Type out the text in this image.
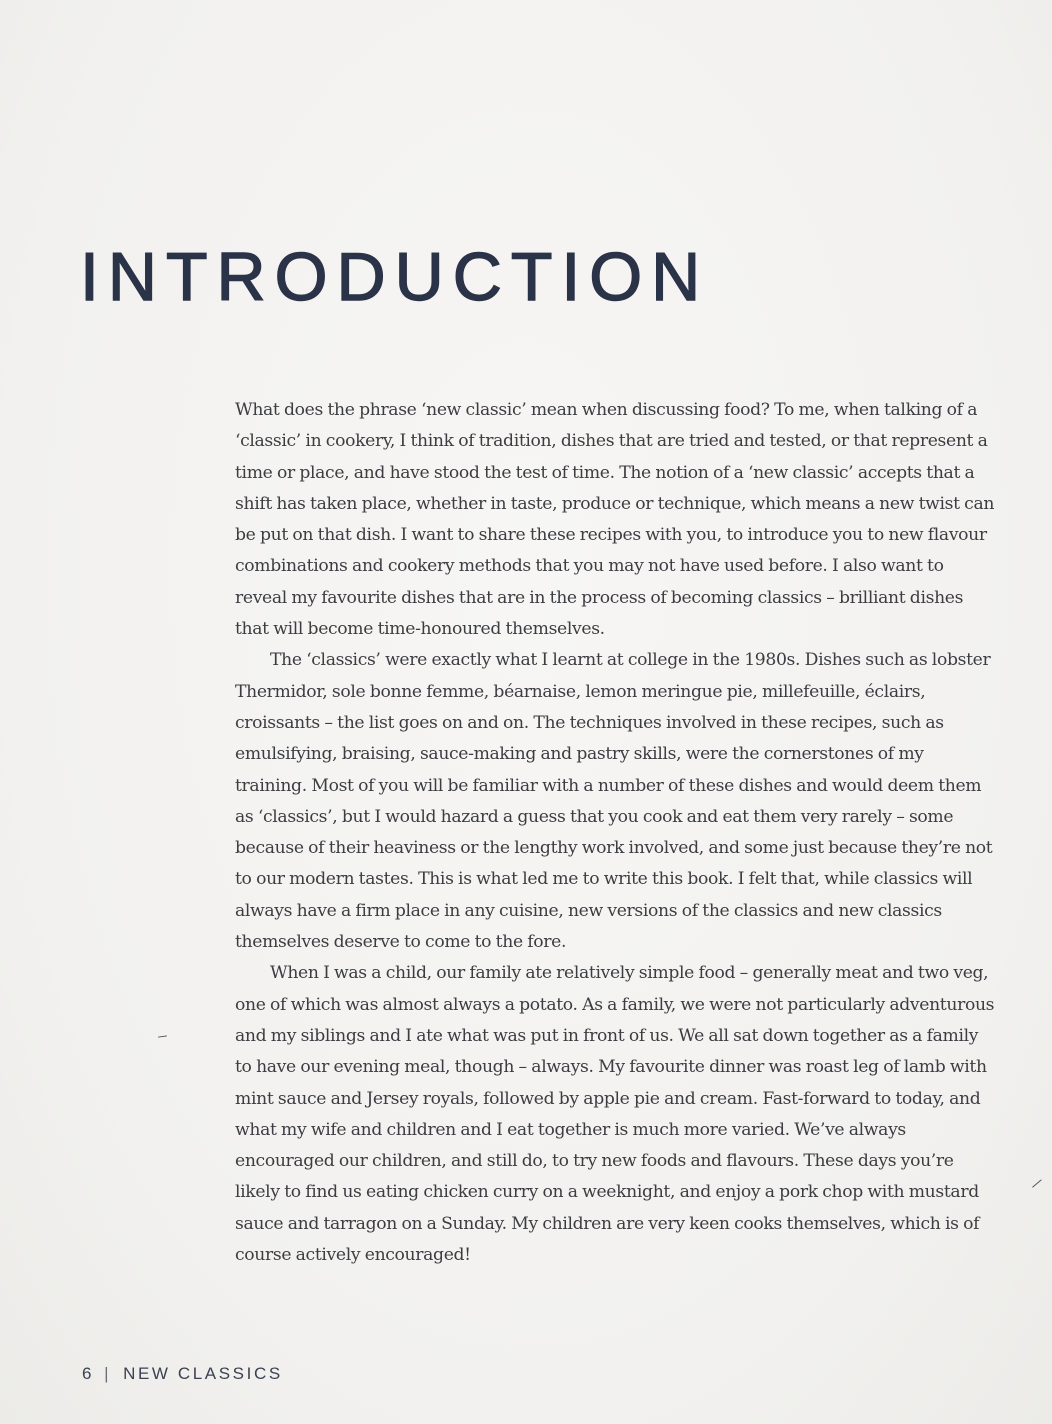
INTRODUCTION

What does the phrase ‘new classic’ mean when discussing food? To me, when talking of a ‘classic’ in cookery, I think of tradition, dishes that are tried and tested, or that represent a time or place, and have stood the test of time. The notion of a ‘new classic’ accepts that a shift has taken place, whether in taste, produce or technique, which means a new twist can be put on that dish. I want to share these recipes with you, to introduce you to new flavour combinations and cookery methods that you may not have used before. I also want to reveal my favourite dishes that are in the process of becoming classics – brilliant dishes that will become time-honoured themselves.

The ‘classics’ were exactly what I learnt at college in the 1980s. Dishes such as lobster Thermidor, sole bonne femme, béarnaise, lemon meringue pie, millefeuille, éclairs, croissants – the list goes on and on. The techniques involved in these recipes, such as emulsifying, braising, sauce-making and pastry skills, were the cornerstones of my training. Most of you will be familiar with a number of these dishes and would deem them as ‘classics’, but I would hazard a guess that you cook and eat them very rarely – some because of their heaviness or the lengthy work involved, and some just because they’re not to our modern tastes. This is what led me to write this book. I felt that, while classics will always have a firm place in any cuisine, new versions of the classics and new classics themselves deserve to come to the fore.

When I was a child, our family ate relatively simple food – generally meat and two veg, one of which was almost always a potato. As a family, we were not particularly adventurous and my siblings and I ate what was put in front of us. We all sat down together as a family to have our evening meal, though – always. My favourite dinner was roast leg of lamb with mint sauce and Jersey royals, followed by apple pie and cream. Fast-forward to today, and what my wife and children and I eat together is much more varied. We’ve always encouraged our children, and still do, to try new foods and flavours. These days you’re likely to find us eating chicken curry on a weeknight, and enjoy a pork chop with mustard sauce and tarragon on a Sunday. My children are very keen cooks themselves, which is of course actively encouraged!

6 | NEW CLASSICS
